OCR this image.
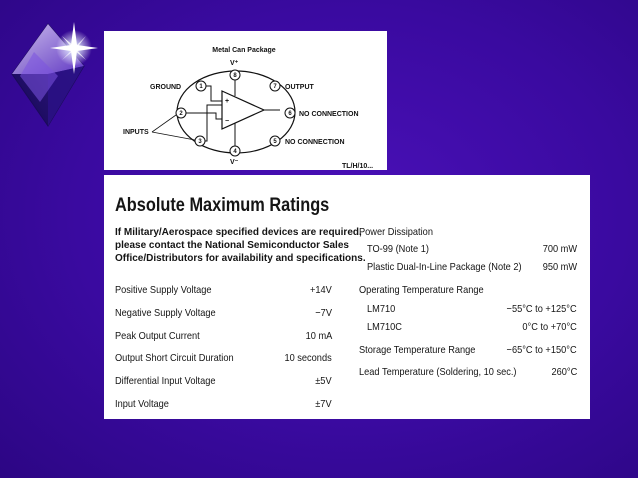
Metal Can Package
+
−
8
1	7
2	6
3	5
4
V⁺
V⁻
GROUND	OUTPUT
NO CONNECTION
NO CONNECTION
INPUTS
TL/H/10...
Absolute Maximum Ratings
If Military/Aerospace specified devices are required,
please contact the National Semiconductor Sales
Office/Distributors for availability and specifications.
Positive Supply Voltage	+14V
Negative Supply Voltage	−7V
Peak Output Current	10 mA
Output Short Circuit Duration	10 seconds
Differential Input Voltage	±5V
Input Voltage	±7V
Power Dissipation
TO-99 (Note 1)	700 mW
Plastic Dual-In-Line Package (Note 2) 950 mW
Operating Temperature Range
LM710	−55°C to +125°C
LM710C	0°C to +70°C
Storage Temperature Range	−65°C to +150°C
Lead Temperature (Soldering, 10 sec.)	260°C
